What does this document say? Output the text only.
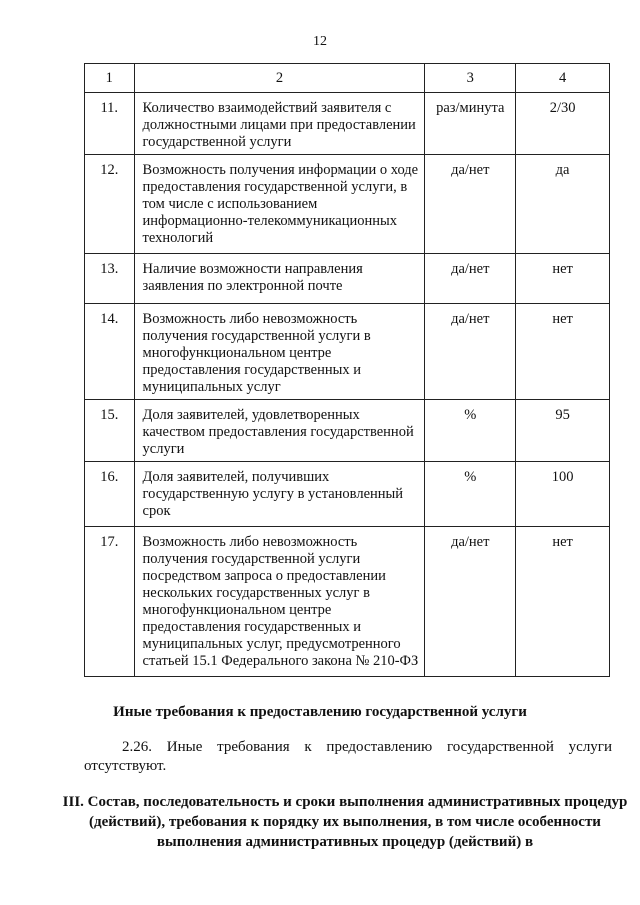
12
1	2	3	4
11.	Количество взаимодействий заявителя с должностными лицами при предоставлении государственной услуги	раз/минута	2/30
12.	Возможность получения информации о ходе предоставления государственной услуги, в том числе с использованием информационно-телекоммуникационных технологий	да/нет	да
13.	Наличие возможности направления заявления по электронной почте	да/нет	нет
14.	Возможность либо невозможность получения государственной услуги в многофункциональном центре предоставления государственных и муниципальных услуг	да/нет	нет
15.	Доля заявителей, удовлетворенных качеством предоставления государственной услуги	%	95
16.	Доля заявителей, получивших государственную услугу в установленный срок	%	100
17.	Возможность либо невозможность получения государственной услуги посредством запроса о предоставлении нескольких государственных услуг в многофункциональном центре предоставления государственных и муниципальных услуг, предусмотренного статьей 15.1 Федерального закона № 210-ФЗ	да/нет	нет
Иные требования к предоставлению государственной услуги
2.26. Иные требования к предоставлению государственной услуги
отсутствуют.
III. Состав, последовательность и сроки выполнения административных процедур (действий), требования к порядку их выполнения, в том числе особенности выполнения административных процедур (действий) в
